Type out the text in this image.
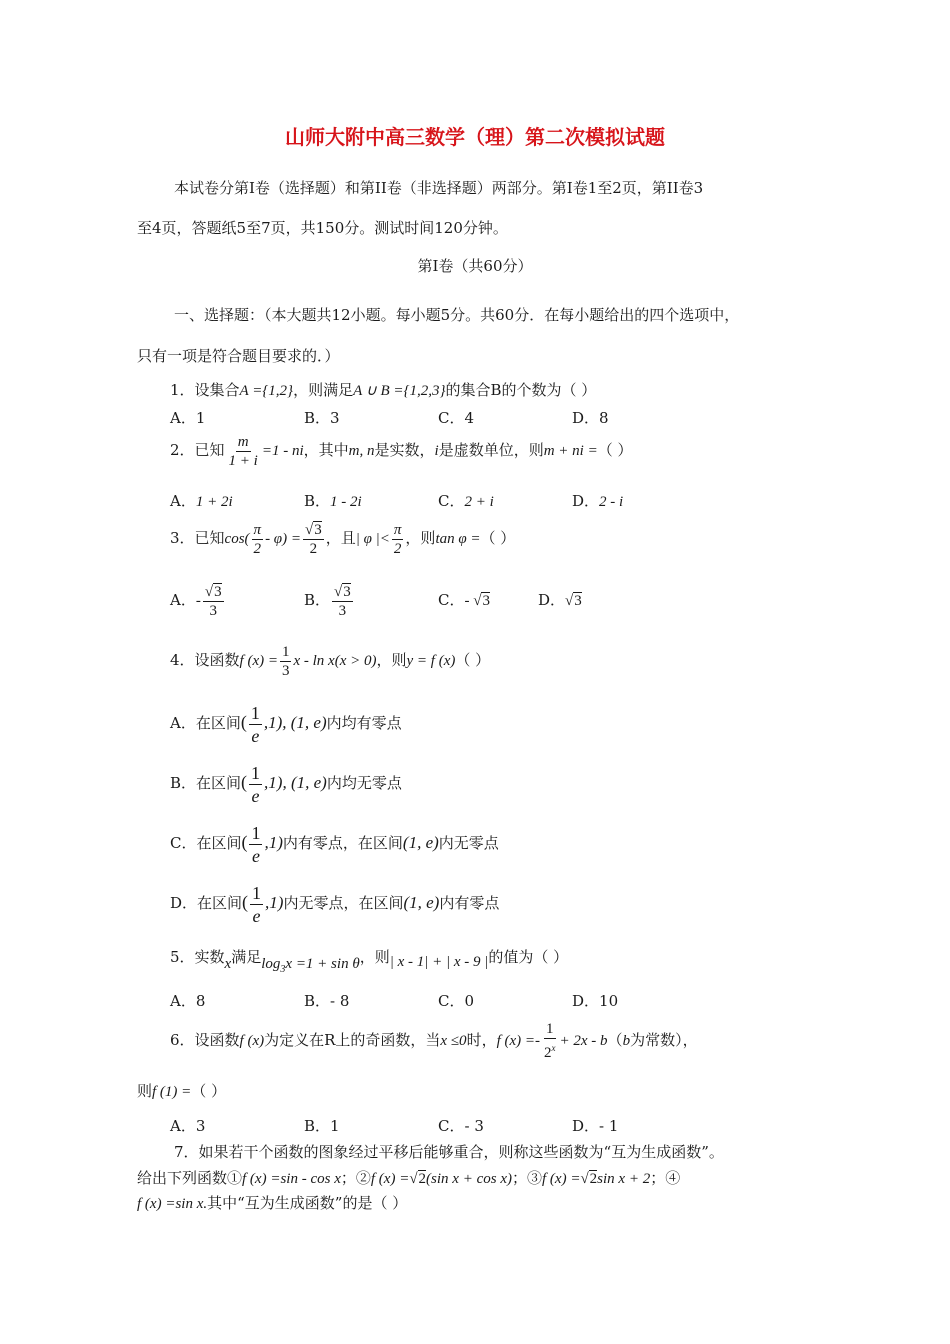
山师大附中高三数学（理）第二次模拟试题
本试卷分第Ⅰ卷（选择题）和第II卷（非选择题）两部分。第Ⅰ卷1至2页，第II卷3
至4页，答题纸5至7页，共150分。测试时间120分钟。
第Ⅰ卷（共60分）
一、选择题：（本大题共12小题。每小题5分。共60分．在每小题给出的四个选项中，
只有一项是符合题目要求的．）
1．设集合A ={1,2}，则满足A ∪ B ={1,2,3}的集合B的个数为（ ）
A．1	B．3	C．4	D．8
2．已知 $\frac{m}{1 + i} =1$ - ni，其中m, n是实数，i是虚数单位，则m + ni =（ ）
A．1 + 2i	B．1 - 2i	C．2 + i	D．2 - i
3．已知$\cos( \frac{\pi}{2} - \varphi) = \frac{√3}{2}$ ，且| φ |< $\frac{\pi}{2}$ ，则tan φ =（ ）
A．- $\frac{√3}{3}$	B． $\frac{√3}{3}$	C．- √3	D．√3
4．设函数f $(x) = \frac{1}{3}$ x - ln x(x > 0)，则y = f (x)（ ）
A．在区间( $\frac{1}{e} ,1$), (1, e)内均有零点
B．在区间( $\frac{1}{e} ,1$), (1, e)内均无零点
C．在区间( $\frac{1}{e} ,1$)内有零点，在区间(1, e)内无零点
D．在区间( $\frac{1}{e} ,1$)内无零点，在区间(1, e)内有零点
5．实数x满足$\log_3x =1 + \sin \theta$，则| x - 1| + | x - 9 |的值为（ ）
A．8	B．- 8	C．0	D．10
6．设函数f (x)为定义在R上的奇函数，当x ≤0时，f $(x) =- \frac{1}{2^x} + 2x - b(b$为常数），
则f (1) =（ ）
A．3	B．1	C．- 3	D．- 1
7．如果若干个函数的图象经过平移后能够重合，则称这些函数为“互为生成函数”。
给出下列函数①f (x) =sin - cos x；②f (x) =√2(sin x + cos x)；③f (x) =√2sin x + 2；④
f (x) =sin x.其中“互为生成函数”的是（ ）
